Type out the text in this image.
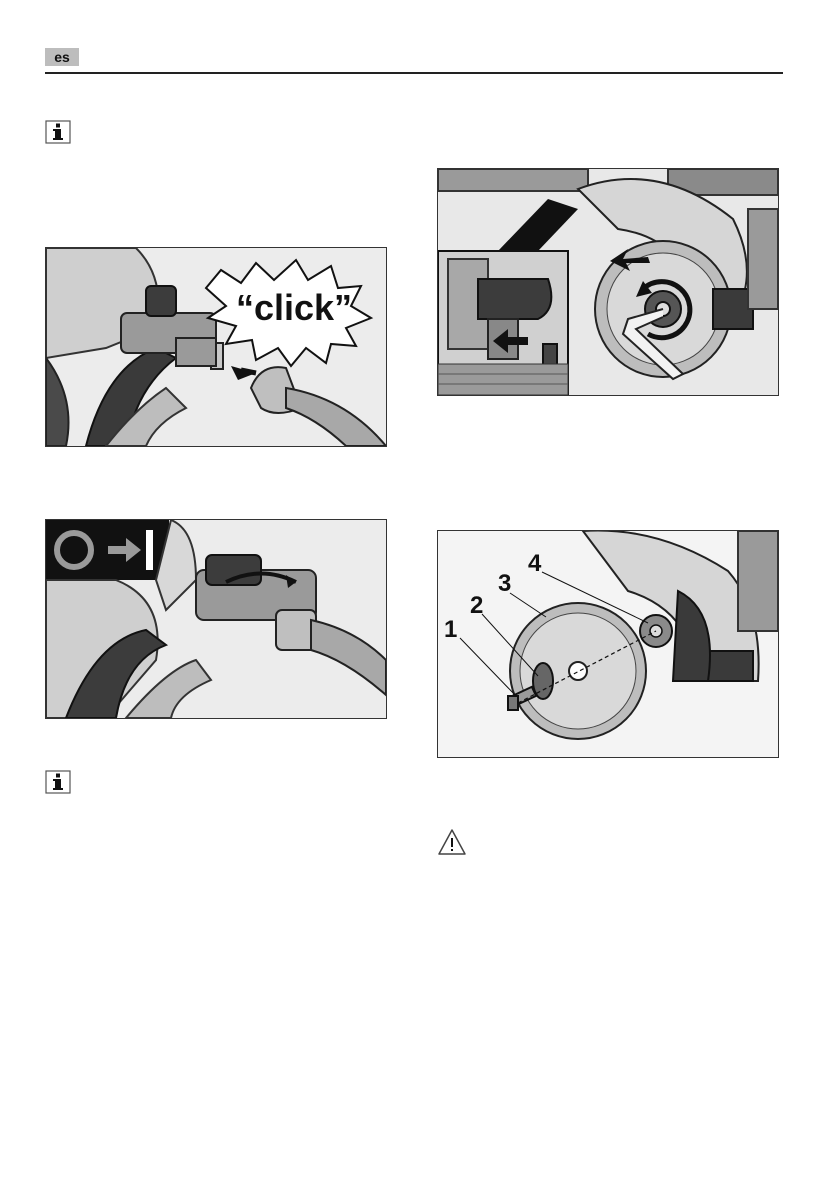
es
“click”
1
2
3
4
